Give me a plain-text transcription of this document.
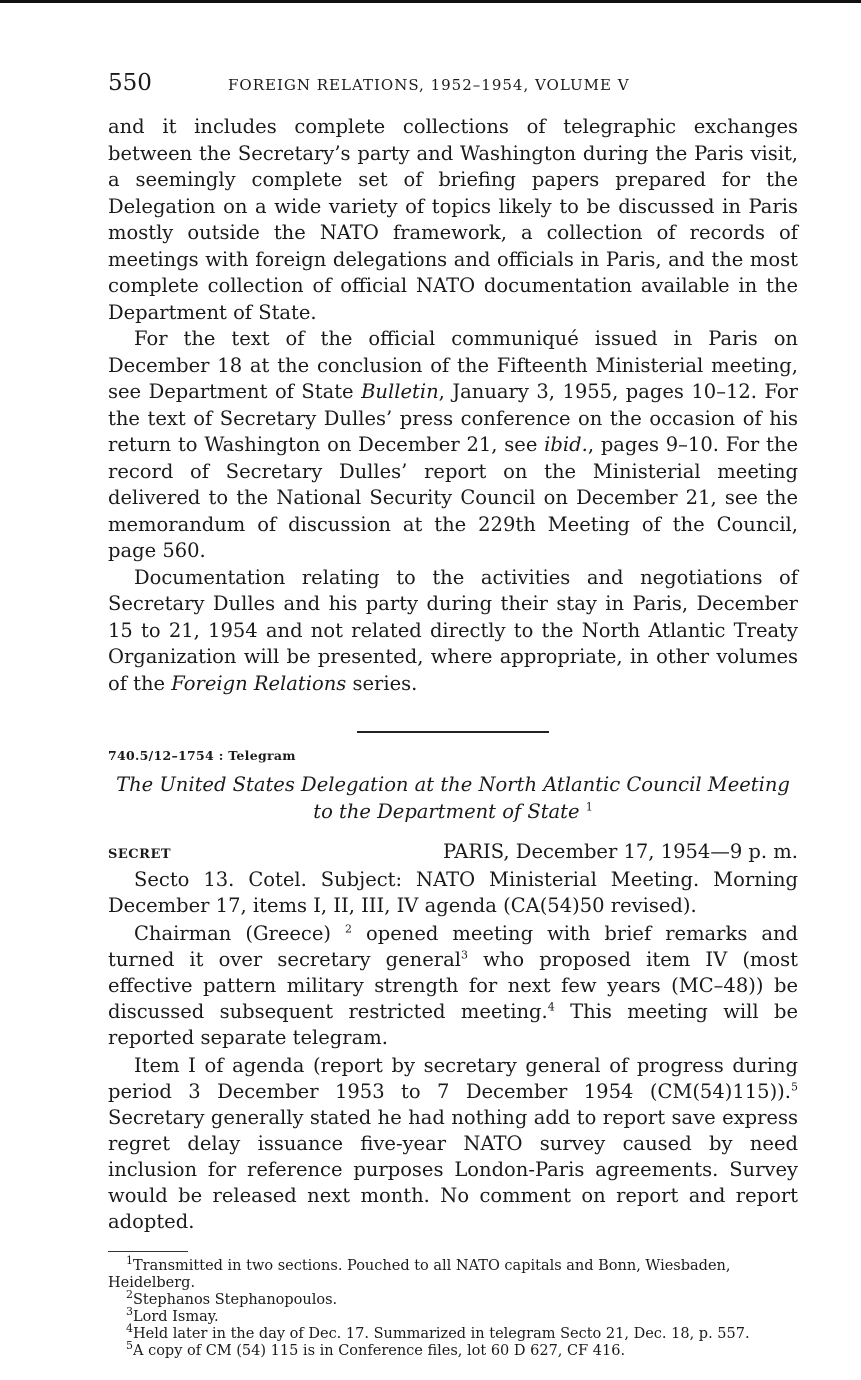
550	FOREIGN RELATIONS, 1952–1954, VOLUME V

and it includes complete collections of telegraphic exchanges between the Secretary’s party and Washington during the Paris visit, a seemingly complete set of briefing papers prepared for the Delegation on a wide variety of topics likely to be discussed in Paris mostly outside the NATO framework, a collection of records of meetings with foreign delegations and officials in Paris, and the most complete collection of official NATO documentation available in the Department of State.

For the text of the official communiqué issued in Paris on December 18 at the conclusion of the Fifteenth Ministerial meeting, see Department of State Bulletin, January 3, 1955, pages 10–12. For the text of Secretary Dulles’ press conference on the occasion of his return to Washington on December 21, see ibid., pages 9–10. For the record of Secretary Dulles’ report on the Ministerial meeting delivered to the National Security Council on December 21, see the memorandum of discussion at the 229th Meeting of the Council, page 560.

Documentation relating to the activities and negotiations of Secretary Dulles and his party during their stay in Paris, December 15 to 21, 1954 and not related directly to the North Atlantic Treaty Organization will be presented, where appropriate, in other volumes of the Foreign Relations series.

740.5/12–1754 : Telegram
The United States Delegation at the North Atlantic Council Meeting
to the Department of State $^1$
SECRET	PARIS, December 17, 1954—9 p. m.

Secto 13. Cotel. Subject: NATO Ministerial Meeting. Morning December 17, items I, II, III, IV agenda (CA(54)50 revised).

Chairman (Greece) $^2$ opened meeting with brief remarks and turned it over secretary general$^3$ who proposed item IV (most effective pattern military strength for next few years (MC–48)) be discussed subsequent restricted meeting.$^4$ This meeting will be reported separate telegram.

Item I of agenda (report by secretary general of progress during period 3 December 1953 to 7 December 1954 (CM(54)115)).$^5$ Secretary generally stated he had nothing add to report save express regret delay issuance five-year NATO survey caused by need inclusion for reference purposes London-Paris agreements. Survey would be released next month. No comment on report and report adopted.

$^1$Transmitted in two sections. Pouched to all NATO capitals and Bonn, Wiesbaden, Heidelberg.

$^2$Stephanos Stephanopoulos.

$^3$Lord Ismay.

$^4$Held later in the day of Dec. 17. Summarized in telegram Secto 21, Dec. 18, p. 557.

$^5$A copy of CM (54) 115 is in Conference files, lot 60 D 627, CF 416.
